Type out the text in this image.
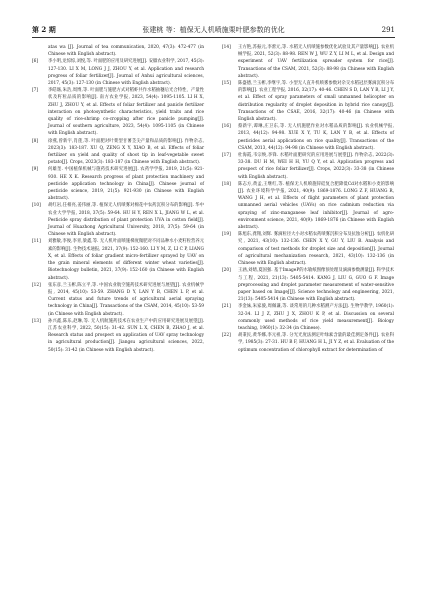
第 2 期	张建桃 等：植保无人机喷施栗叶肥参数的优化	291
atas wa [J]. Journal of tea communication, 2020, 47(3): 472-477 (in Chinese with English abstract).
[6] 李小明,龙惊惊,刘悦,等. 叶面肥的应用及研究进展[J]. 安徽农业科学, 2017, 45(3): 127-130. LI X M, LONG J J, ZHOU Y, et al. Application and research progress of foliar fertilizer[J]. Journal of Anhui agricultural sciences, 2017, 45(3): 127-130 (in Chinese with English abstract).
[7] 李皓旸,朱浩,周博,等. 叶面肥与施肥方式对稻虾共作水稻抽穗后光合特性、产量性状及籽粒品质的影响[J]. 南方农业学报, 2023, 54(4): 1095-1105. LI H X, ZHU J, ZHOU Y, et al. Effects of foliar fertilizer and panicle fertilizer interaction on photosynthetic characteristics, yield traits and rice quality of rice-shrimp co-cropping after rice panicle pumping[J]. Journal of southern agriculture, 2023, 54(4): 1095-1105 (in Chinese with English abstract).
[8] 徐燕,曾新宇,肖莲,等. 叶面肥对叶菜型甘薯茎尖产量和品质的影响[J]. 作物杂志, 2023(3): 183-187. XU Q, ZENG X Y, XIAO B, et al. Effects of foliar fertilizer on yield and quality of shoot tip in leaf-vegetable sweet potato[J]. Crops, 2023(3): 183-187 (in Chinese with English abstract).
[9] 何雄奎. 中国植保机械与施药技术研究进展[J]. 农药学学报, 2019, 21(5): 921-930. HE X K. Research progress of plant protection machinery and pesticide application technology in China[J]. Chinese journal of pesticide science, 2019, 21(5): 921-930 (in Chinese with English abstract).
[10] 胡红岩,任相亮,姜伟丽,等. 植保无人机喷雾对棉花中农药沉积分布的影响[J]. 华中农业大学学报, 2018, 37(5): 59-64. HU H Y, REN X L, JIANG W L, et al. Pesticide spray distribution of plant protection UVA in cotton field[J]. Journal of Huazhong Agricultural University, 2018, 37(5): 59-64 (in Chinese with English abstract).
[11] 刘雅敏,李俊,李青,梁鑫,等. 无人机叶面喷施梯度微肥对不同品种水小麦籽粒营养元素的影响[J]. 生物技术通报, 2021, 37(9): 152-160. LI Y M, Z, LI C P, LIANG X, et al. Effects of foliar gradient micro-fertilizer sprayed by UAV on the grain mineral elements of different winter wheat varieties[J]. Biotechnology bulletin, 2021, 37(9): 152-160 (in Chinese with English abstract).
[12] 张东彦,兰玉彬,陈立平,等. 中国农业航空施药技术研究进展与展望[J]. 农业机械学报, 2014, 45(10): 53-59. ZHANG D Y, LAN Y B, CHEN L P, et al. Current status and future trends of agricultural aerial spraying technology in China[J]. Transactions of the CSAM, 2014, 45(10): 53-59 (in Chinese with English abstract).
[13] 孙兴鑫,陈乐,赵琳,等. 无人机航施药技术在农业生产中的应用研究进展及展望[J]. 江苏农业科学, 2022, 50(15): 31-42. SUN L X, CHEN B, ZHAO J, et al. Research status and prospect on application of UAV spray technology in agricultural production[J]. Jiangsu agricultural sciences, 2022, 50(15): 31-42 (in Chinese with English abstract).
[14] 王方艳,苏振元,李蕾元,等. 水稻无人机喷施参数优化试验及其产量影响[J]. 农业机械学报, 2021, 52(3): 88-98. REN W J, WU Z Y, LI M L, et al. Design and experiment of UAV fertilization spreader system for rice[J]. Transactions of the CSAM, 2021, 52(3): 88-98 (in Chinese with English abstract).
[15] 陈盛德,兰玉彬,李继宇,等. 小型无人直升机喷雾参数对杂交水稻冠层雾滴沉积分布的影响[J]. 农业工程学报, 2016, 32(17): 40-46. CHEN S D, LAN Y B, LI J Y, et al. Effect of spray parameters of small unmanned helicopter on distribution regularity of droplet deposition in hybrid rice canopy[J]. Transactions of the CSAE, 2016, 32(17): 40-46 (in Chinese with English abstract).
[16] 蔡新宇,谭琳,庄卫东,等. 无人机施肥作业对水稻品质的影响[J]. 农业机械学报, 2013, 44(12): 94-98. XUE X Y, TU K, LAN Y B, et al. Effects of pesticides aerial applications on rice quality[J]. Transactions of the CSAM, 2013, 44(12): 94-98 (in Chinese with English abstract).
[17] 杜海霞,韦宗焕,李锋. 水稻叶面肥研究的应用进展与展望[J]. 作物杂志, 2022(3): 33-38. DU H M, WEI H H, YU Q Y, et al. Application progress and prospect of rice foliar fertilizer[J]. Crops, 2022(3): 33-38 (in Chinese with English abstract).
[18] 陈志方,黄孟,王继红,等. 植保无人机喷施锌硅复合肥降低Cd对水稻和小麦的影响[J]. 农业环境科学学报, 2021, 40(9): 1869-1876. LONG Z F, HUANG R, WANG J H, et al. Effects of flight parameters of plant protection unmanned aerial vehicles (UAVs) on rice cadmium reduction via spraying of zinc-manganese leaf inhibitor[J]. Journal of agro-environment science, 2021, 40(9): 1869-1876 (in Chinese with English abstract).
[19] 陈旭东,龚翔,刘辉. 雾滴粒径大小对水稻农药喷雾沉积分布及抗蚀分析[J]. 农机化研究, 2021, 43(10): 132-136. CHEN X Y, GU Y, LIU B. Analysis and comparison of test methods for droplet size and deposition[J]. Journal of agricultural mechanization research, 2021, 43(10): 132-136 (in Chinese with English abstract).
[20] 王涵,刘婧,夏国强. 基于ImageP的水敏纸图像预处理及滴滴参数测量[J]. 科学技术与工程, 2021, 21(13): 5405-5414. KANG J, LIU G, GUO G F. Image preprocessing and droplet parameter measurement of water-sensitive paper based on ImageJ[J]. Science technology and engineering, 2021, 21(13): 5405-5414 (in Chinese with English abstract).
[21] 李金妹,朱家骏,周佩谦,等. 谈常用的几种水稻测产方法[J]. 生物学教学, 1960(1): 32-34. LI J Z, ZHU J X, ZHOU K P, et al. Discussion on several commonly used methods of rice yield measurement[J]. Biology teaching, 1960(1): 32-34 (in Chinese).
[22] 胡秉民,黄华娜,李元祖,等. 分光光度法测定叶绿素含量的最佳测定条件[J]. 农业科学, 1985(3): 27-31. HU B F, HUANG H L, JI Y Z, et al. Evaluation of the optimum concentration of chlorophyll extract for determination of
